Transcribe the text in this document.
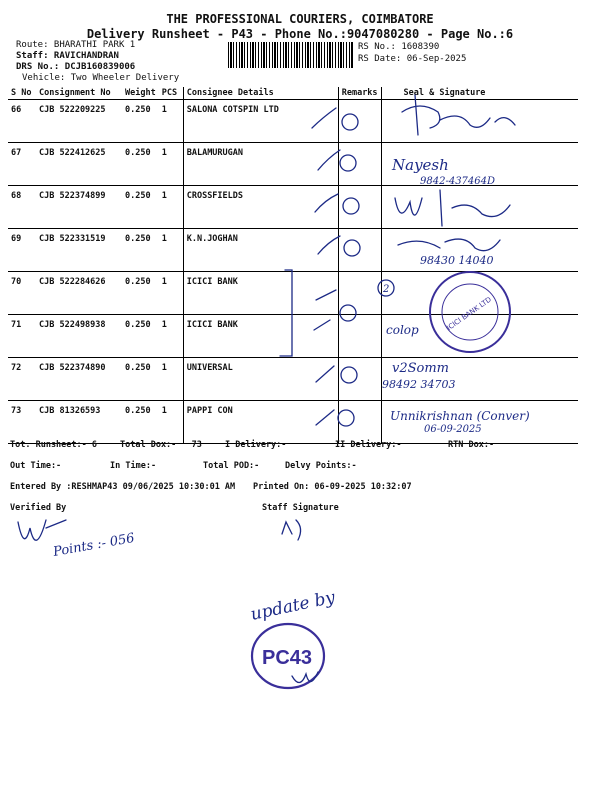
THE PROFESSIONAL COURIERS, COIMBATORE
Delivery Runsheet - P43 - Phone No.:9047080280 - Page No.:6
Route: BHARATHI PARK 1
Staff: RAVICHANDRAN
DRS No.: DCJB160839006
Vehicle: Two Wheeler Delivery
RS No.: 1608390
RS Date: 06-Sep-2025
S No	Consignment No	Weight	PCS	Consignee Details	Remarks	Seal & Signature
66	CJB 522209225	0.250	1	SALONA COTSPIN LTD		
67	CJB 522412625	0.250	1	BALAMURUGAN		
68	CJB 522374899	0.250	1	CROSSFIELDS		
69	CJB 522331519	0.250	1	K.N.JOGHAN		
70	CJB 522284626	0.250	1	ICICI BANK		
71	CJB 522498938	0.250	1	ICICI BANK		
72	CJB 522374890	0.250	1	UNIVERSAL		
73	CJB 81326593	0.250	1	PAPPI CON		
Tot. Runsheet:- 6	Total Dox:-   73	I Delivery:-	II Delivery:-	RTN Dox:-
Out Time:-	In Time:-	Total POD:-	Delvy Points:-
Entered By :RESHMAP43 09/06/2025 10:30:01 AM Printed On: 06-09-2025 10:32:07
Verified By	Staff Signature
2
Nayesh
9842-437464D
98430 14040
colop
v2Somm
98492 34703
Unnikrishnan (Conver)
06-09-2025
ICICI BANK LTD
Points :- 056
update by
PC43
